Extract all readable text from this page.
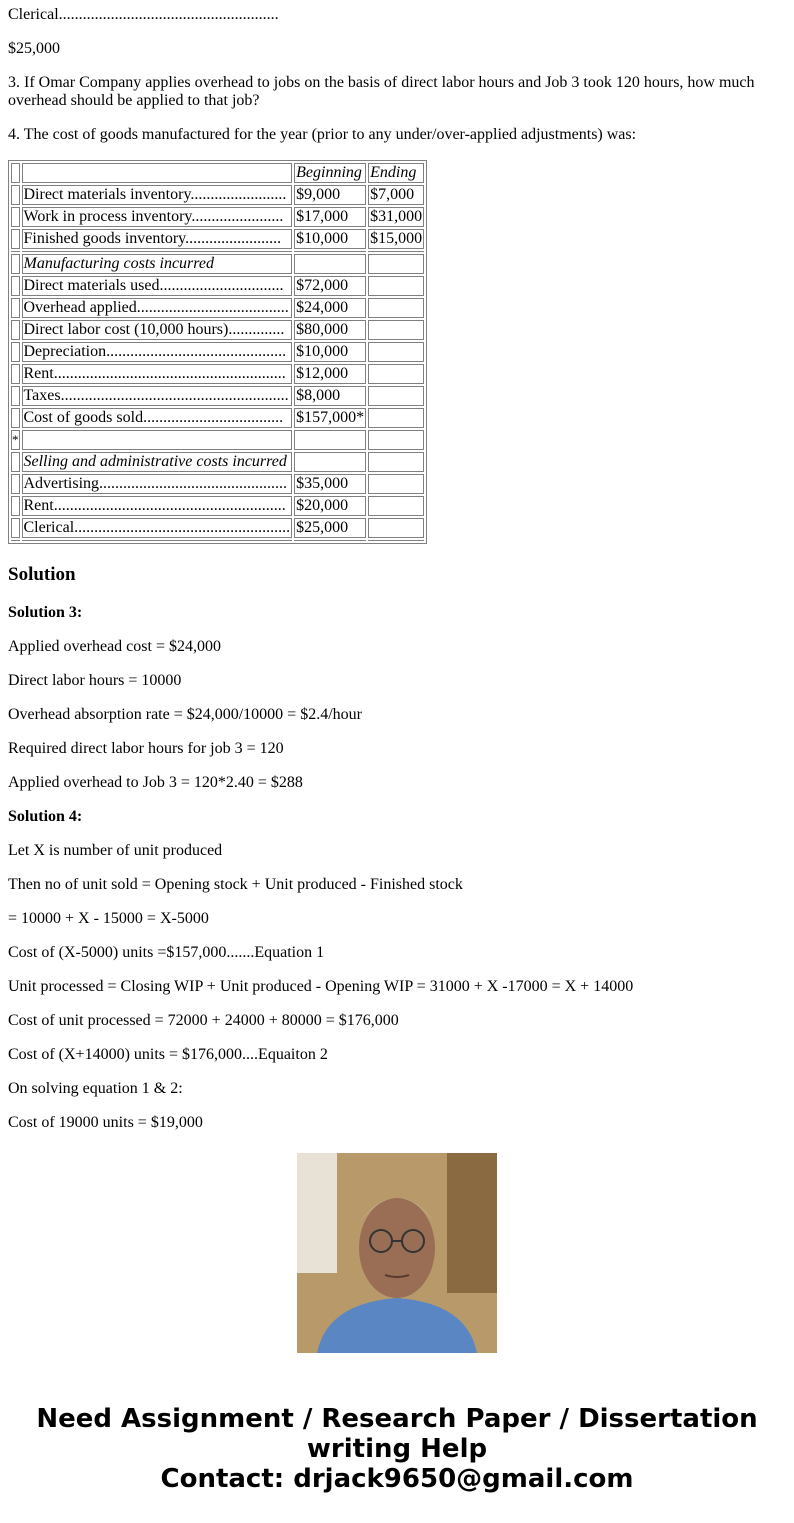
Clerical.......................................................

$25,000

3. If Omar Company applies overhead to jobs on the basis of direct labor hours and Job 3 took 120 hours, how much overhead should be applied to that job?

4. The cost of goods manufactured for the year (prior to any under/over-applied adjustments) was:

		Beginning	Ending
	Direct materials inventory........................	$9,000	$7,000
	Work in process inventory.......................	$17,000	$31,000
	Finished goods inventory........................	$10,000	$15,000

	Manufacturing costs incurred		
	Direct materials used...............................	$72,000	
	Overhead applied......................................	$24,000	
	Direct labor cost (10,000 hours)..............	$80,000	
	Depreciation.............................................	$10,000	
	Rent..........................................................	$12,000	
	Taxes.........................................................	$8,000	
	Cost of goods sold...................................	$157,000*	
*			
	Selling and administrative costs incurred		
	Advertising...............................................	$35,000	
	Rent..........................................................	$20,000	
	Clerical......................................................	$25,000	

Solution

Solution 3:

Applied overhead cost = $24,000

Direct labor hours = 10000

Overhead absorption rate = $24,000/10000 = $2.4/hour

Required direct labor hours for job 3 = 120

Applied overhead to Job 3 = 120*2.40 = $288

Solution 4:

Let X is number of unit produced

Then no of unit sold = Opening stock + Unit produced - Finished stock

= 10000 + X - 15000 = X-5000

Cost of (X-5000) units =$157,000.......Equation 1

Unit processed = Closing WIP + Unit produced - Opening WIP = 31000 + X -17000 = X + 14000

Cost of unit processed = 72000 + 24000 + 80000 = $176,000

Cost of (X+14000) units = $176,000....Equaiton 2

On solving equation 1 & 2:

Cost of 19000 units = $19,000

Need Assignment / Research Paper / Dissertation
writing Help
Contact: drjack9650@gmail.com
